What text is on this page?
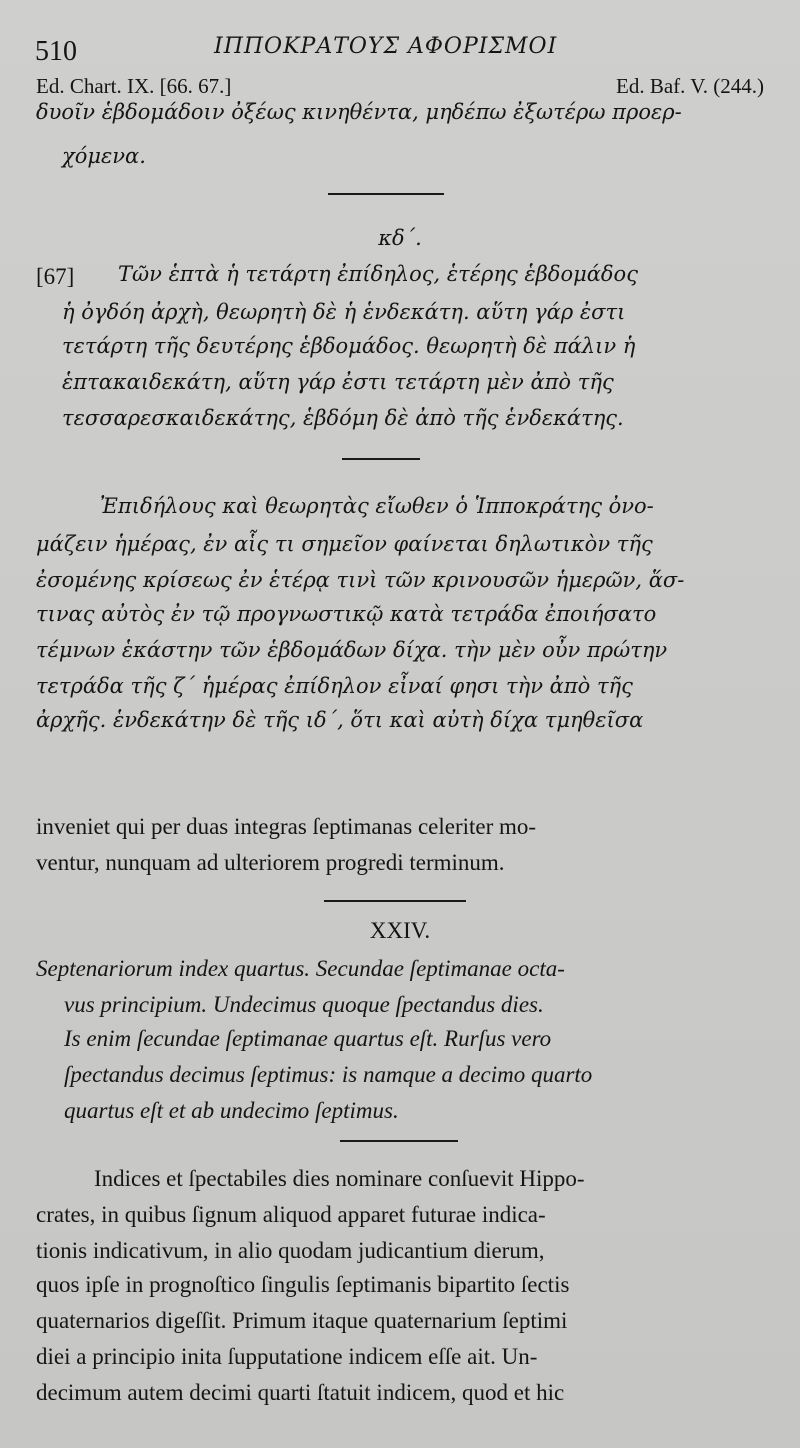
510	ΙΠΠΟΚΡΑΤΟΥΣ ΑΦΟΡΙΣΜΟΙ
Ed. Chart. IX. [66. 67.]	Ed. Baf. V. (244.)
δυοῖν ἑβδομάδοιν ὀξέως κινηθέντα, μηδέπω ἐξωτέρω προερ-
χόμενα.
κδ΄.
[67] Τῶν ἑπτὰ ἡ τετάρτη ἐπίδηλος, ἑτέρης ἑβδομάδος
ἡ ὀγδόη ἀρχὴ, θεωρητὴ δὲ ἡ ἑνδεκάτη. αὕτη γάρ ἐστι
τετάρτη τῆς δευτέρης ἑβδομάδος. θεωρητὴ δὲ πάλιν ἡ
ἑπτακαιδεκάτη, αὕτη γάρ ἐστι τετάρτη μὲν ἀπὸ τῆς
τεσσαρεσκαιδεκάτης, ἑβδόμη δὲ ἀπὸ τῆς ἑνδεκάτης.
Ἐπιδήλους καὶ θεωρητὰς εἴωθεν ὁ Ἱπποκράτης ὀνο-
μάζειν ἡμέρας, ἐν αἷς τι σημεῖον φαίνεται δηλωτικὸν τῆς
ἐσομένης κρίσεως ἐν ἑτέρᾳ τινὶ τῶν κρινουσῶν ἡμερῶν, ἅσ-
τινας αὐτὸς ἐν τῷ προγνωστικῷ κατὰ τετράδα ἐποιήσατο
τέμνων ἑκάστην τῶν ἑβδομάδων δίχα. τὴν μὲν οὖν πρώτην
τετράδα τῆς ζ΄ ἡμέρας ἐπίδηλον εἶναί φησι τὴν ἀπὸ τῆς
ἀρχῆς. ἑνδεκάτην δὲ τῆς ιδ΄, ὅτι καὶ αὐτὴ δίχα τμηθεῖσα
inveniet qui per duas integras ſeptimanas celeriter mo-
ventur, nunquam ad ulteriorem progredi terminum.
XXIV.
Septenariorum index quartus. Secundae ſeptimanae octa-
vus principium. Undecimus quoque ſpectandus dies.
Is enim ſecundae ſeptimanae quartus eſt. Rurſus vero
ſpectandus decimus ſeptimus: is namque a decimo quarto
quartus eſt et ab undecimo ſeptimus.
Indices et ſpectabiles dies nominare conſuevit Hippo-
crates, in quibus ſignum aliquod apparet futurae indica-
tionis indicativum, in alio quodam judicantium dierum,
quos ipſe in prognoſtico ſingulis ſeptimanis bipartito ſectis
quaternarios digeſſit. Primum itaque quaternarium ſeptimi
diei a principio inita ſupputatione indicem eſſe ait. Un-
decimum autem decimi quarti ſtatuit indicem, quod et hic
